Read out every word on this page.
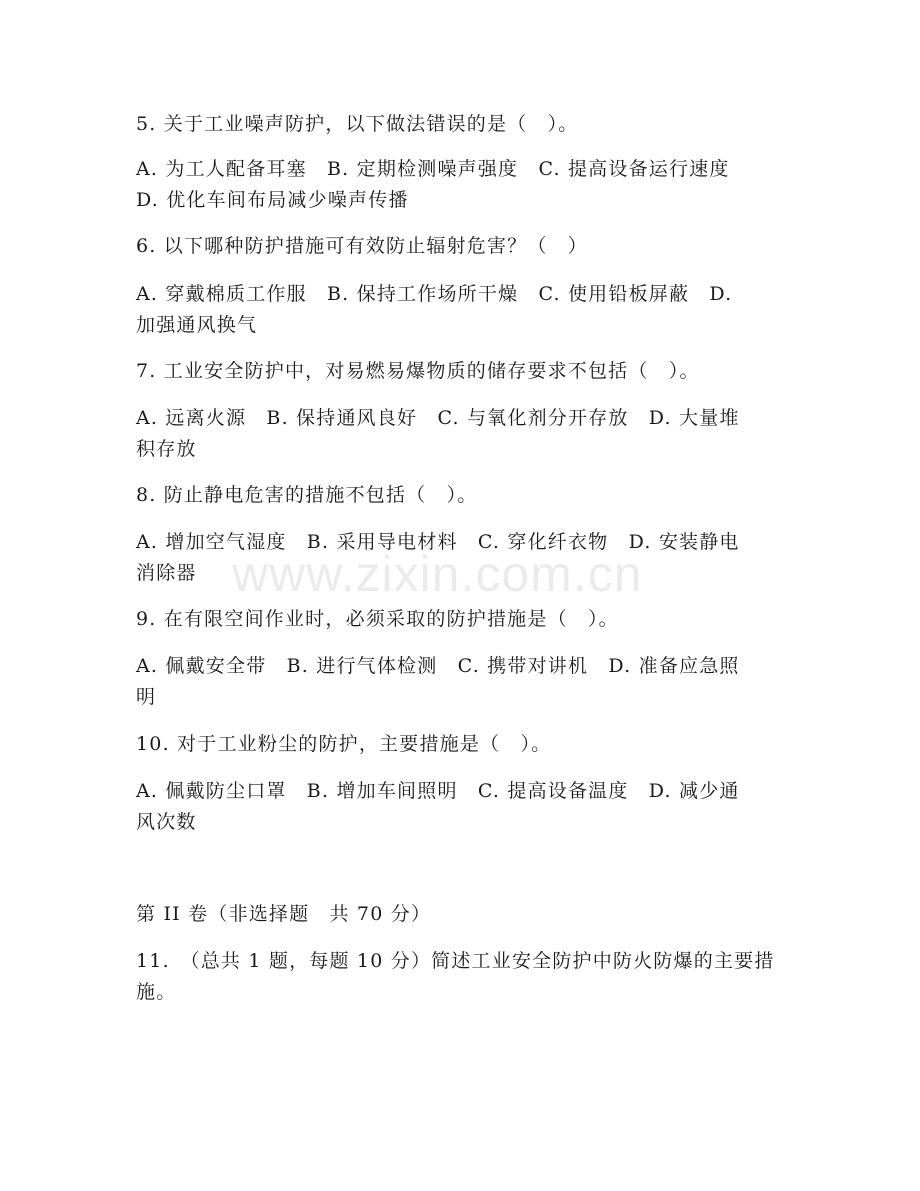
5. 关于工业噪声防护，以下做法错误的是（　）。
A. 为工人配备耳塞　B. 定期检测噪声强度　C. 提高设备运行速度
D. 优化车间布局减少噪声传播
6. 以下哪种防护措施可有效防止辐射危害？（　）
A. 穿戴棉质工作服　B. 保持工作场所干燥　C. 使用铅板屏蔽　D.
加强通风换气
7. 工业安全防护中，对易燃易爆物质的储存要求不包括（　）。
A. 远离火源　B. 保持通风良好　C. 与氧化剂分开存放　D. 大量堆
积存放
8. 防止静电危害的措施不包括（　）。
A. 增加空气湿度　B. 采用导电材料　C. 穿化纤衣物　D. 安装静电
消除器
9. 在有限空间作业时，必须采取的防护措施是（　）。
A. 佩戴安全带　B. 进行气体检测　C. 携带对讲机　D. 准备应急照
明
10. 对于工业粉尘的防护，主要措施是（　）。
A. 佩戴防尘口罩　B. 增加车间照明　C. 提高设备温度　D. 减少通
风次数
第 II 卷（非选择题　共 70 分）
11.　（总共 1 题，每题 10 分）简述工业安全防护中防火防爆的主要措
施。
www.zixin.com.cn
